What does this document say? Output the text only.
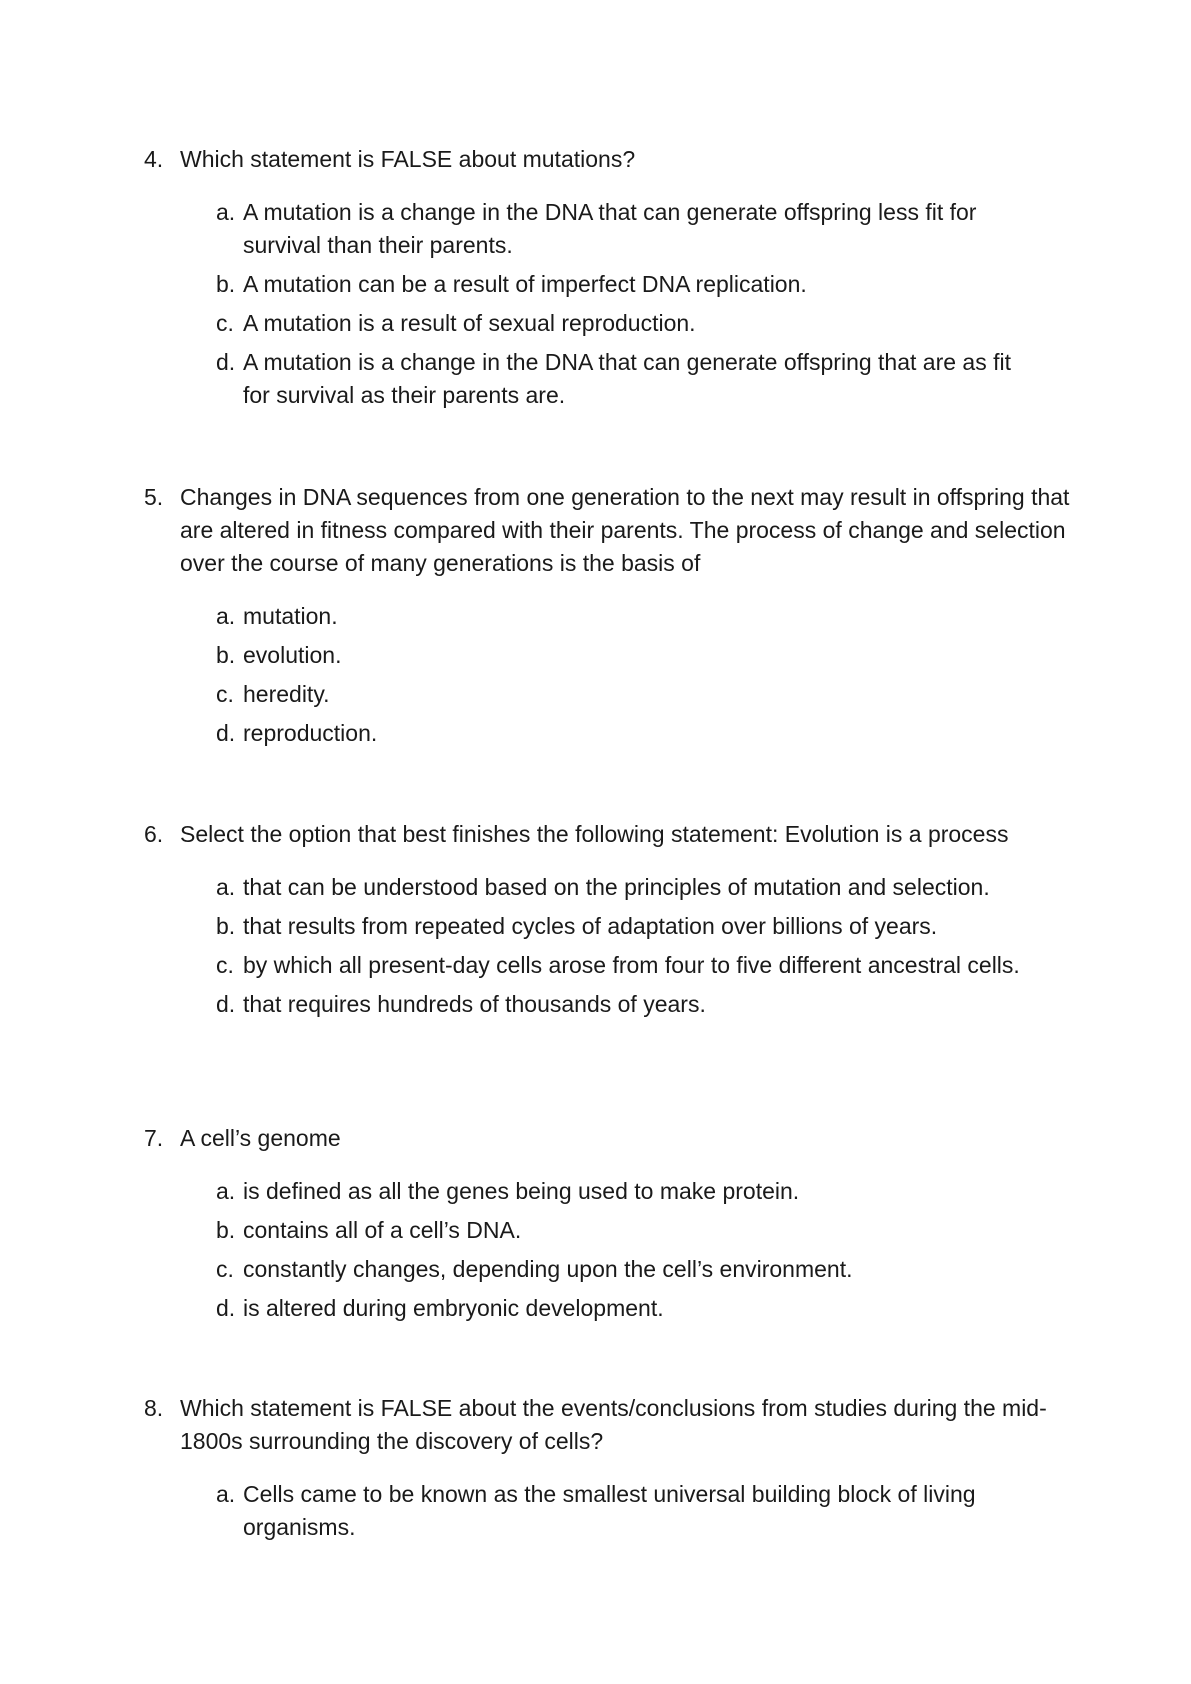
4. Which statement is FALSE about mutations?
a. A mutation is a change in the DNA that can generate offspring less fit for survival than their parents.
b. A mutation can be a result of imperfect DNA replication.
c. A mutation is a result of sexual reproduction.
d. A mutation is a change in the DNA that can generate offspring that are as fit for survival as their parents are.
5. Changes in DNA sequences from one generation to the next may result in offspring that are altered in fitness compared with their parents. The process of change and selection over the course of many generations is the basis of
a. mutation.
b. evolution.
c. heredity.
d. reproduction.
6. Select the option that best finishes the following statement: Evolution is a process
a. that can be understood based on the principles of mutation and selection.
b. that results from repeated cycles of adaptation over billions of years.
c. by which all present-day cells arose from four to five different ancestral cells.
d. that requires hundreds of thousands of years.
7. A cell’s genome
a. is defined as all the genes being used to make protein.
b. contains all of a cell’s DNA.
c. constantly changes, depending upon the cell’s environment.
d. is altered during embryonic development.
8. Which statement is FALSE about the events/conclusions from studies during the mid-1800s surrounding the discovery of cells?
a. Cells came to be known as the smallest universal building block of living organisms.
